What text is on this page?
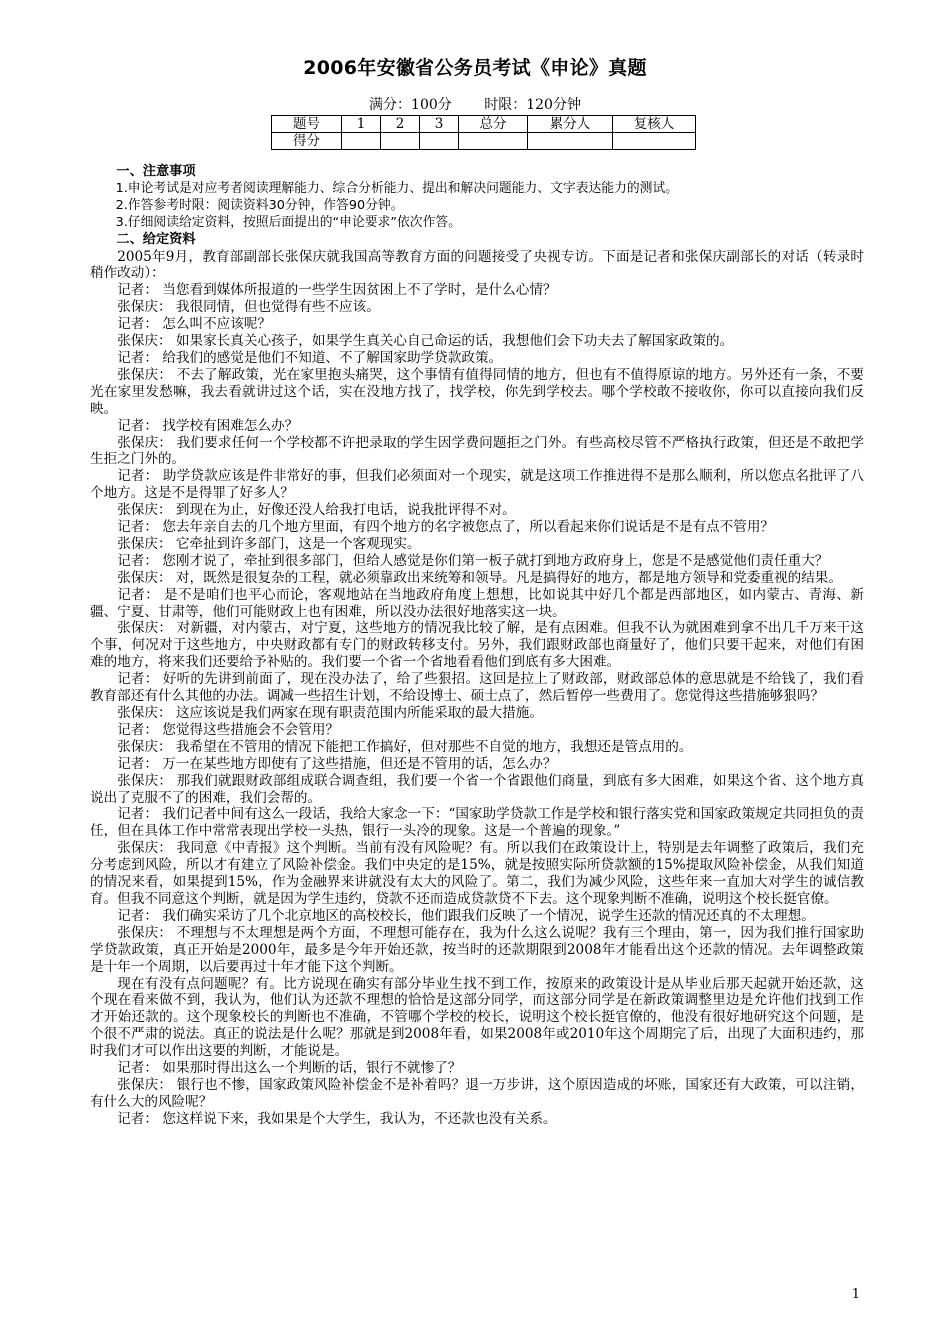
2006年安徽省公务员考试《申论》真题
满分：100分 时限：120分钟
题号	1	2	3	总分	累分人	复核人
得分						

一、注意事项

1.申论考试是对应考者阅读理解能力、综合分析能力、提出和解决问题能力、文字表达能力的测试。

2.作答参考时限：阅读资料30分钟，作答90分钟。

3.仔细阅读给定资料，按照后面提出的“申论要求”依次作答。

二、给定资料

2005年9月，教育部副部长张保庆就我国高等教育方面的问题接受了央视专访。下面是记者和张保庆副部长的对话（转录时稍作改动）：

记者： 当您看到媒体所报道的一些学生因贫困上不了学时，是什么心情？

张保庆： 我很同情，但也觉得有些不应该。

记者： 怎么叫不应该呢？

张保庆： 如果家长真关心孩子，如果学生真关心自己命运的话，我想他们会下功夫去了解国家政策的。

记者： 给我们的感觉是他们不知道、不了解国家助学贷款政策。

张保庆： 不去了解政策，光在家里抱头痛哭，这个事情有值得同情的地方，但也有不值得原谅的地方。另外还有一条，不要光在家里发愁嘛，我去看就讲过这个话，实在没地方找了，找学校，你先到学校去。哪个学校敢不接收你，你可以直接向我们反映。

记者： 找学校有困难怎么办？

张保庆： 我们要求任何一个学校都不许把录取的学生因学费问题拒之门外。有些高校尽管不严格执行政策，但还是不敢把学生拒之门外的。

记者： 助学贷款应该是件非常好的事，但我们必须面对一个现实，就是这项工作推进得不是那么顺利，所以您点名批评了八个地方。这是不是得罪了好多人？

张保庆： 到现在为止，好像还没人给我打电话，说我批评得不对。

记者： 您去年亲自去的几个地方里面，有四个地方的名字被您点了，所以看起来你们说话是不是有点不管用？

张保庆： 它牵扯到许多部门，这是一个客观现实。

记者： 您刚才说了，牵扯到很多部门，但给人感觉是你们第一板子就打到地方政府身上，您是不是感觉他们责任重大？

张保庆： 对，既然是很复杂的工程，就必须靠政出来统筹和领导。凡是搞得好的地方，都是地方领导和党委重视的结果。

记者： 是不是咱们也平心而论，客观地站在当地政府角度上想想，比如说其中好几个都是西部地区，如内蒙古、青海、新疆、宁夏、甘肃等，他们可能财政上也有困难，所以没办法很好地落实这一块。

张保庆： 对新疆，对内蒙古，对宁夏，这些地方的情况我比较了解，是有点困难。但我不认为就困难到拿不出几千万来干这个事，何况对于这些地方，中央财政都有专门的财政转移支付。另外，我们跟财政部也商量好了，他们只要干起来，对他们有困难的地方，将来我们还要给予补贴的。我们要一个省一个省地看看他们到底有多大困难。

记者： 好听的先讲到前面了，现在没办法了，给了些狠招。这回是拉上了财政部，财政部总体的意思就是不给钱了，我们看教育部还有什么其他的办法。调减一些招生计划，不给设博士、硕士点了，然后暂停一些费用了。您觉得这些措施够狠吗？

张保庆： 这应该说是我们两家在现有职责范围内所能采取的最大措施。

记者： 您觉得这些措施会不会管用？

张保庆： 我希望在不管用的情况下能把工作搞好，但对那些不自觉的地方，我想还是管点用的。

记者： 万一在某些地方即使有了这些措施，但还是不管用的话，怎么办？

张保庆： 那我们就跟财政部组成联合调查组，我们要一个省一个省跟他们商量，到底有多大困难，如果这个省、这个地方真说出了克服不了的困难，我们会帮的。

记者： 我们记者中间有这么一段话，我给大家念一下：“国家助学贷款工作是学校和银行落实党和国家政策规定共同担负的责任，但在具体工作中常常表现出学校一头热，银行一头冷的现象。这是一个普遍的现象。”

张保庆： 我同意《中青报》这个判断。当前有没有风险呢？有。所以我们在政策设计上，特别是去年调整了政策后，我们充分考虑到风险，所以才有建立了风险补偿金。我们中央定的是15%，就是按照实际所贷款额的15%提取风险补偿金，从我们知道的情况来看，如果提到15%，作为金融界来讲就没有太大的风险了。第二，我们为减少风险，这些年来一直加大对学生的诚信教育。但我不同意这个判断，就是因为学生违约，贷款不还而造成贷款贷不下去。这个现象判断不准确，说明这个校长挺官僚。

记者： 我们确实采访了几个北京地区的高校校长，他们跟我们反映了一个情况，说学生还款的情况还真的不太理想。

张保庆： 不理想与不太理想是两个方面，不理想可能存在，我为什么这么说呢？我有三个理由，第一，因为我们推行国家助学贷款政策，真正开始是2000年，最多是今年开始还款，按当时的还款期限到2008年才能看出这个还款的情况。去年调整政策是十年一个周期，以后要再过十年才能下这个判断。

现在有没有点问题呢？有。比方说现在确实有部分毕业生找不到工作，按原来的政策设计是从毕业后那天起就开始还款，这个现在看来做不到，我认为，他们认为还款不理想的恰恰是这部分同学，而这部分同学是在新政策调整里边是允许他们找到工作才开始还款的。这个现象校长的判断也不准确，不管哪个学校的校长，说明这个校长挺官僚的，他没有很好地研究这个问题，是个很不严肃的说法。真正的说法是什么呢？那就是到2008年看，如果2008年或2010年这个周期完了后，出现了大面积违约，那时我们才可以作出这要的判断，才能说是。

记者： 如果那时得出这么一个判断的话，银行不就惨了？

张保庆： 银行也不惨，国家政策风险补偿金不是补着吗？退一万步讲，这个原因造成的坏账，国家还有大政策，可以注销，有什么大的风险呢？

记者： 您这样说下来，我如果是个大学生，我认为，不还款也没有关系。

1
